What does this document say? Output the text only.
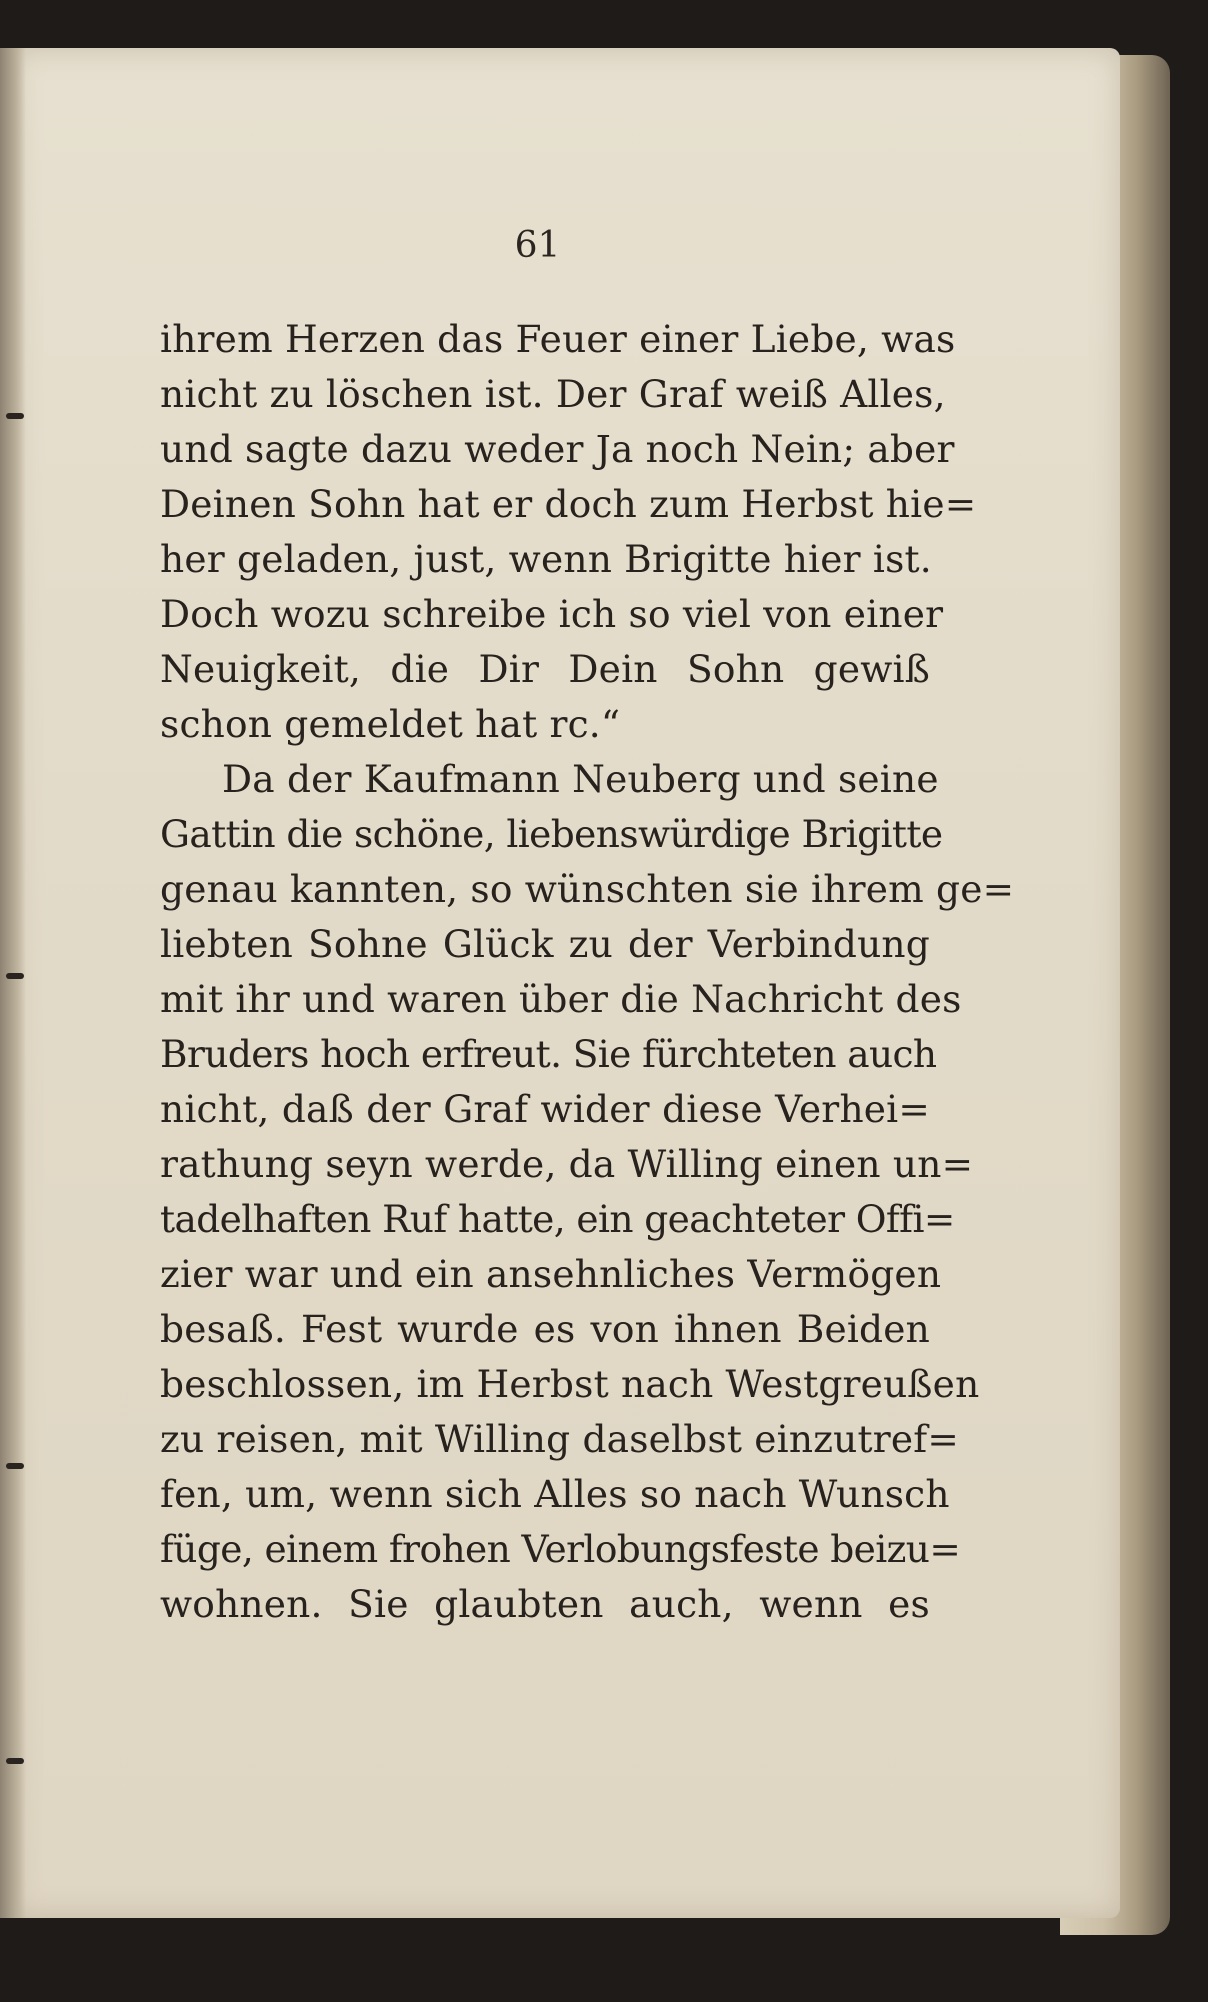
61
ihrem Herzen das Feuer einer Liebe, was
nicht zu löschen ist. Der Graf weiß Alles,
und sagte dazu weder Ja noch Nein; aber
Deinen Sohn hat er doch zum Herbst hie=
her geladen, just, wenn Brigitte hier ist.
Doch wozu schreibe ich so viel von einer
Neuigkeit, die Dir Dein Sohn gewiß
schon gemeldet hat rc.“
Da der Kaufmann Neuberg und seine
Gattin die schöne, liebenswürdige Brigitte
genau kannten, so wünschten sie ihrem ge=
liebten Sohne Glück zu der Verbindung
mit ihr und waren über die Nachricht des
Bruders hoch erfreut. Sie fürchteten auch
nicht, daß der Graf wider diese Verhei=
rathung seyn werde, da Willing einen un=
tadelhaften Ruf hatte, ein geachteter Offi=
zier war und ein ansehnliches Vermögen
besaß. Fest wurde es von ihnen Beiden
beschlossen, im Herbst nach Westgreußen
zu reisen, mit Willing daselbst einzutref=
fen, um, wenn sich Alles so nach Wunsch
füge, einem frohen Verlobungsfeste beizu=
wohnen. Sie glaubten auch, wenn es
